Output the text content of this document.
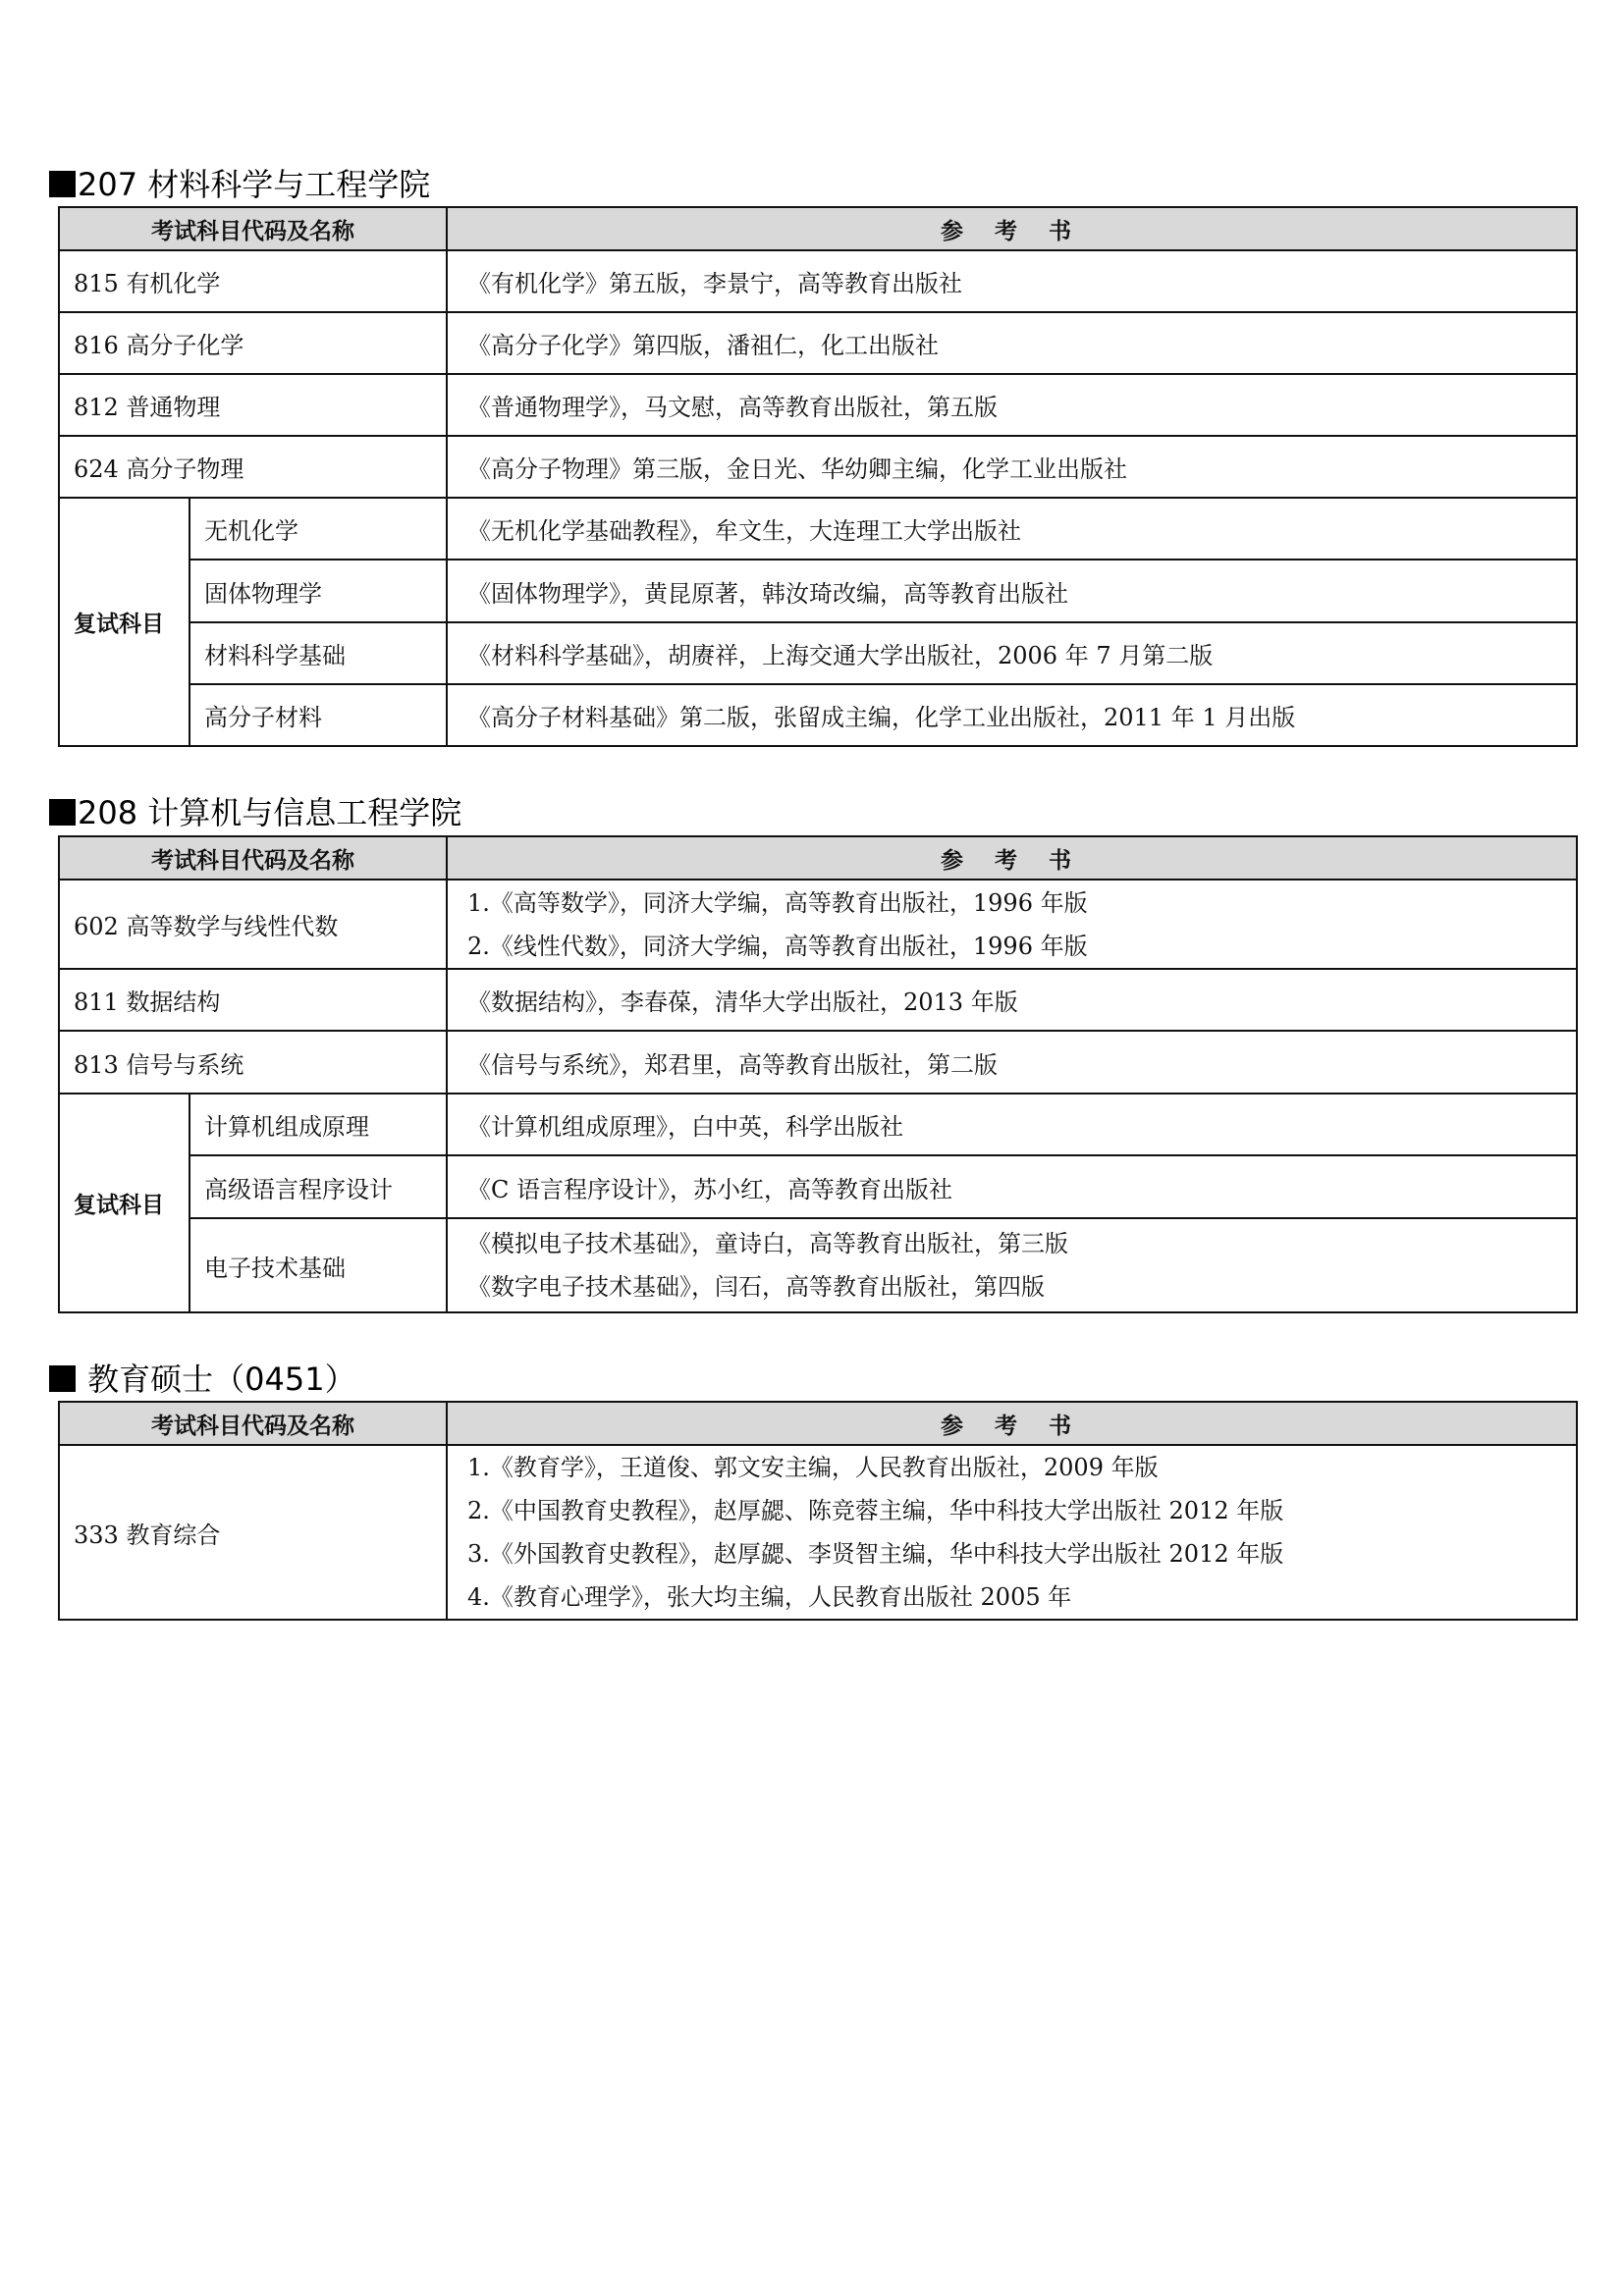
207 材料科学与工程学院
考试科目代码及名称		参 考 书
815 有机化学		《有机化学》第五版，李景宁，高等教育出版社
816 高分子化学		《高分子化学》第四版，潘祖仁，化工出版社
812 普通物理		《普通物理学》，马文慰，高等教育出版社，第五版
624 高分子物理		《高分子物理》第三版，金日光、华幼卿主编，化学工业出版社
复试科目	无机化学	《无机化学基础教程》，牟文生，大连理工大学出版社
	固体物理学	《固体物理学》，黄昆原著，韩汝琦改编，高等教育出版社
	材料科学基础	《材料科学基础》，胡赓祥，上海交通大学出版社，2006 年 7 月第二版
	高分子材料	《高分子材料基础》第二版，张留成主编，化学工业出版社，2011 年 1 月出版
208 计算机与信息工程学院
考试科目代码及名称		参 考 书
602 高等数学与线性代数		1.《高等数学》，同济大学编，高等教育出版社，1996 年版
2.《线性代数》，同济大学编，高等教育出版社，1996 年版

811 数据结构		《数据结构》，李春葆，清华大学出版社，2013 年版
813 信号与系统		《信号与系统》，郑君里，高等教育出版社，第二版
复试科目	计算机组成原理	《计算机组成原理》，白中英，科学出版社
	高级语言程序设计	《C 语言程序设计》，苏小红，高等教育出版社
	电子技术基础	《模拟电子技术基础》，童诗白，高等教育出版社，第三版
《数字电子技术基础》，闫石，高等教育出版社，第四版
教育硕士（0451）
考试科目代码及名称	参 考 书
333 教育综合	1.《教育学》，王道俊、郭文安主编，人民教育出版社，2009 年版
2.《中国教育史教程》，赵厚勰、陈竞蓉主编，华中科技大学出版社 2012 年版
3.《外国教育史教程》，赵厚勰、李贤智主编，华中科技大学出版社 2012 年版
4.《教育心理学》，张大均主编，人民教育出版社 2005 年
